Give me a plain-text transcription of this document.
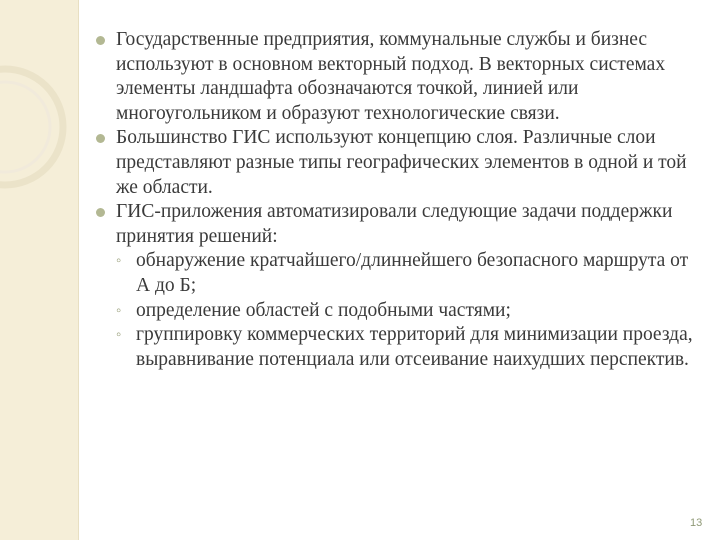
Государственные предприятия, коммунальные службы и бизнес используют в основном векторный подход. В векторных системах элементы ландшафта обозначаются точкой, линией или многоугольником и образуют технологические связи.
Большинство ГИС используют концепцию слоя. Различные слои представляют разные типы географических элементов в одной и той же области.
ГИС-приложения автоматизировали следующие задачи поддержки принятия решений:
◦ обнаружение кратчайшего/длиннейшего безопасного маршрута от А до Б;
◦ определение областей с подобными частями;
◦ группировку коммерческих территорий для минимизации проезда, выравнивание потенциала или отсеивание наихудших перспектив.
13
